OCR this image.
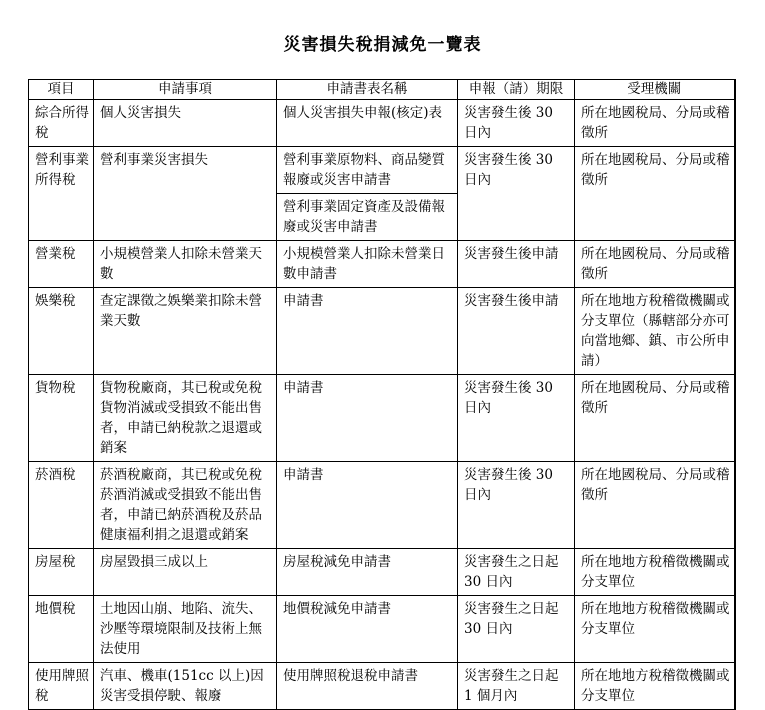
災害損失稅捐減免一覽表
項目	申請事項	申請書表名稱	申報（請）期限	受理機關
綜合所得稅	個人災害損失	個人災害損失申報(核定)表	災害發生後 30 日內	所在地國稅局、分局或稽徵所
營利事業所得稅	營利事業災害損失	營利事業原物料、商品變質報廢或災害申請書	災害發生後 30 日內	所在地國稅局、分局或稽徵所
		營利事業固定資產及設備報廢或災害申請書		
營業稅	小規模營業人扣除未營業天數	小規模營業人扣除未營業日數申請書	災害發生後申請	所在地國稅局、分局或稽徵所
娛樂稅	查定課徵之娛樂業扣除未營業天數	申請書	災害發生後申請	所在地地方稅稽徵機關或分支單位（縣轄部分亦可向當地鄉、鎮、市公所申請）
貨物稅	貨物稅廠商，其已稅或免稅貨物消滅或受損致不能出售者，申請已納稅款之退還或銷案	申請書	災害發生後 30 日內	所在地國稅局、分局或稽徵所
菸酒稅	菸酒稅廠商，其已稅或免稅菸酒消滅或受損致不能出售者，申請已納菸酒稅及菸品健康福利捐之退還或銷案	申請書	災害發生後 30 日內	所在地國稅局、分局或稽徵所
房屋稅	房屋毀損三成以上	房屋稅減免申請書	災害發生之日起 30 日內	所在地地方稅稽徵機關或分支單位
地價稅	土地因山崩、地陷、流失、沙壓等環境限制及技術上無法使用	地價稅減免申請書	災害發生之日起 30 日內	所在地地方稅稽徵機關或分支單位
使用牌照稅	汽車、機車(151cc 以上)因災害受損停駛、報廢	使用牌照稅退稅申請書	災害發生之日起 1 個月內	所在地地方稅稽徵機關或分支單位
